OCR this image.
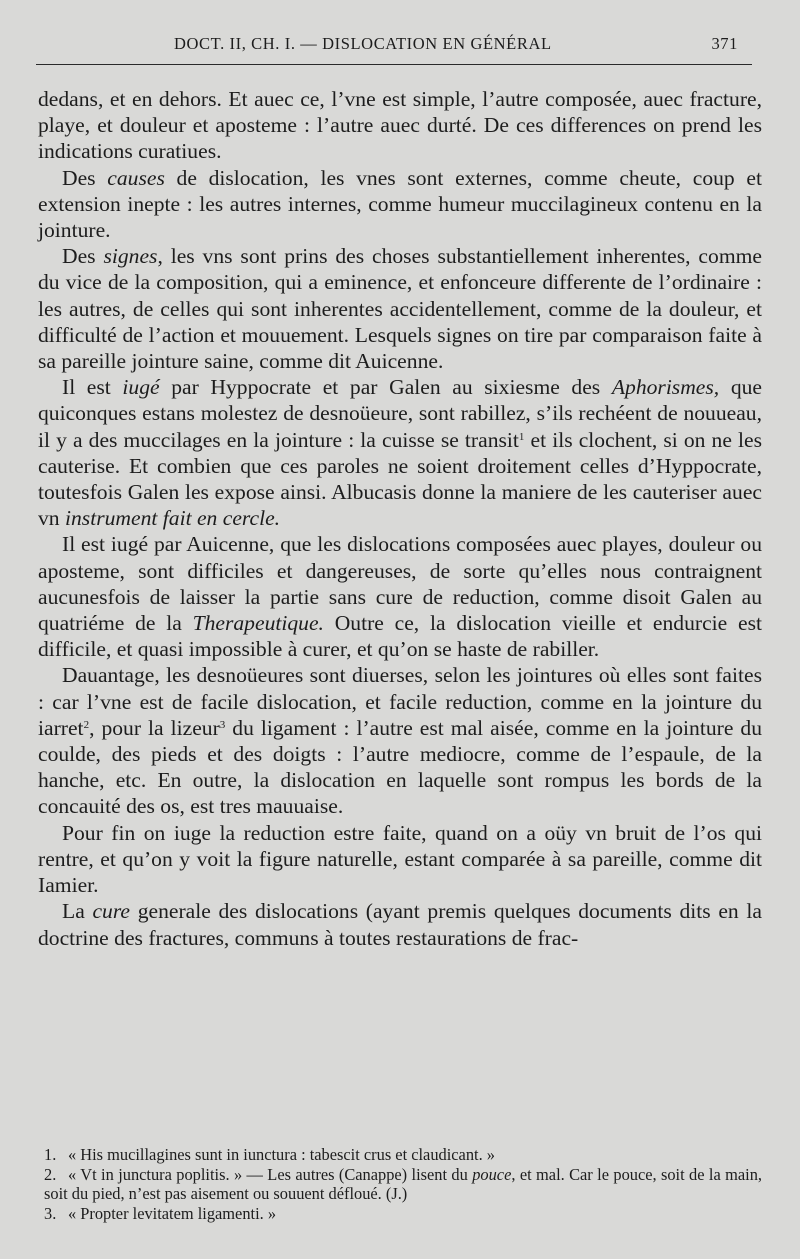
DOCT. II, CH. I. — DISLOCATION EN GÉNÉRAL	371

dedans, et en dehors. Et auec ce, l’vne est simple, l’autre composée, auec fracture, playe, et douleur et aposteme : l’autre auec durté. De ces differences on prend les indications curatiues.

Des causes de dislocation, les vnes sont externes, comme cheute, coup et extension inepte : les autres internes, comme humeur muccilagineux contenu en la jointure.

Des signes, les vns sont prins des choses substantiellement inherentes, comme du vice de la composition, qui a eminence, et enfonceure differente de l’ordinaire : les autres, de celles qui sont inherentes accidentellement, comme de la douleur, et difficulté de l’action et mouuement. Lesquels signes on tire par comparaison faite à sa pareille jointure saine, comme dit Auicenne.

Il est iugé par Hyppocrate et par Galen au sixiesme des Aphorismes, que quiconques estans molestez de desnoüeure, sont rabillez, s’ils rechéent de nouueau, il y a des muccilages en la jointure : la cuisse se transit$^1$ et ils clochent, si on ne les cauterise. Et combien que ces paroles ne soient droitement celles d’Hyppocrate, toutesfois Galen les expose ainsi. Albucasis donne la maniere de les cauteriser auec vn instrument fait en cercle.

Il est iugé par Auicenne, que les dislocations composées auec playes, douleur ou aposteme, sont difficiles et dangereuses, de sorte qu’elles nous contraignent aucunesfois de laisser la partie sans cure de reduction, comme disoit Galen au quatriéme de la Therapeutique. Outre ce, la dislocation vieille et endurcie est difficile, et quasi impossible à curer, et qu’on se haste de rabiller.

Dauantage, les desnoüeures sont diuerses, selon les jointures où elles sont faites : car l’vne est de facile dislocation, et facile reduction, comme en la jointure du iarret$^2$, pour la lizeur$^3$ du ligament : l’autre est mal aisée, comme en la jointure du coulde, des pieds et des doigts : l’autre mediocre, comme de l’espaule, de la hanche, etc. En outre, la dislocation en laquelle sont rompus les bords de la concauité des os, est tres mauuaise.

Pour fin on iuge la reduction estre faite, quand on a oüy vn bruit de l’os qui rentre, et qu’on y voit la figure naturelle, estant comparée à sa pareille, comme dit Iamier.

La cure generale des dislocations (ayant premis quelques documents dits en la doctrine des fractures, communs à toutes restaurations de frac-

1. « His mucillagines sunt in iunctura : tabescit crus et claudicant. »

2. « Vt in junctura poplitis. » — Les autres (Canappe) lisent du pouce, et mal. Car le pouce, soit de la main, soit du pied, n’est pas aisement ou souuent défloué. (J.)

3. « Propter levitatem ligamenti. »
